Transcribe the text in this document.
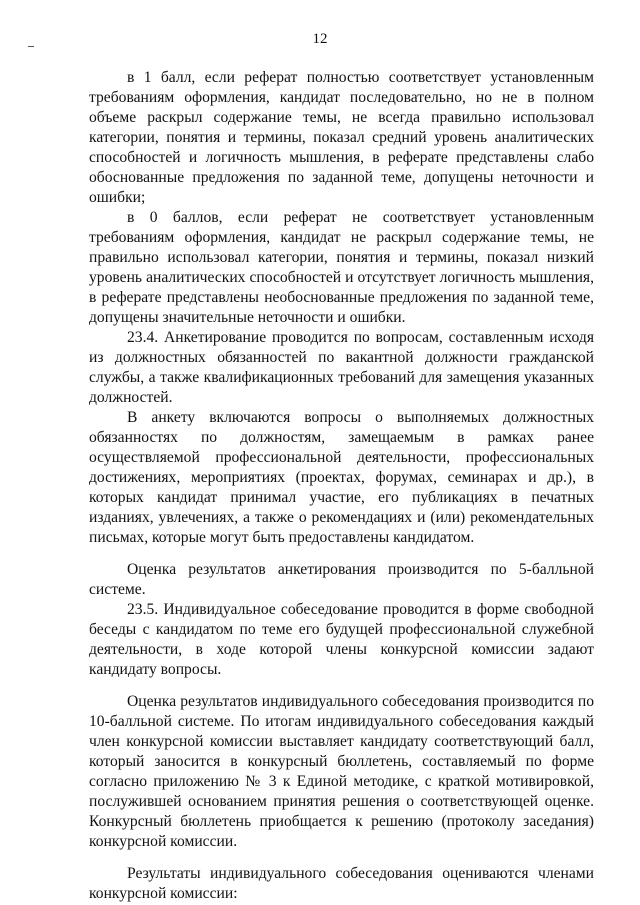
12

в 1 балл, если реферат полностью соответствует установленным требованиям оформления, кандидат последовательно, но не в полном объеме раскрыл содержание темы, не всегда правильно использовал категории, понятия и термины, показал средний уровень аналитических способностей и логичность мышления, в реферате представлены слабо обоснованные предложения по заданной теме, допущены неточности и ошибки;

в 0 баллов, если реферат не соответствует установленным требованиям оформления, кандидат не раскрыл содержание темы, не правильно использовал категории, понятия и термины, показал низкий уровень аналитических способностей и отсутствует логичность мышления, в реферате представлены необоснованные предложения по заданной теме, допущены значительные неточности и ошибки.

23.4. Анкетирование проводится по вопросам, составленным исходя из должностных обязанностей по вакантной должности гражданской службы, а также квалификационных требований для замещения указанных должностей.

В анкету включаются вопросы о выполняемых должностных обязанностях по должностям, замещаемым в рамках ранее осуществляемой профессиональной деятельности, профессиональных достижениях, мероприятиях (проектах, форумах, семинарах и др.), в которых кандидат принимал участие, его публикациях в печатных изданиях, увлечениях, а также о рекомендациях и (или) рекомендательных письмах, которые могут быть предоставлены кандидатом.

Оценка результатов анкетирования производится по 5-балльной системе.

23.5. Индивидуальное собеседование проводится в форме свободной беседы с кандидатом по теме его будущей профессиональной служебной деятельности, в ходе которой члены конкурсной комиссии задают кандидату вопросы.

Оценка результатов индивидуального собеседования производится по 10-балльной системе. По итогам индивидуального собеседования каждый член конкурсной комиссии выставляет кандидату соответствующий балл, который заносится в конкурсный бюллетень, составляемый по форме согласно приложению № 3 к Единой методике, с краткой мотивировкой, послужившей основанием принятия решения о соответствующей оценке. Конкурсный бюллетень приобщается к решению (протоколу заседания) конкурсной комиссии.

Результаты индивидуального собеседования оцениваются членами конкурсной комиссии:
